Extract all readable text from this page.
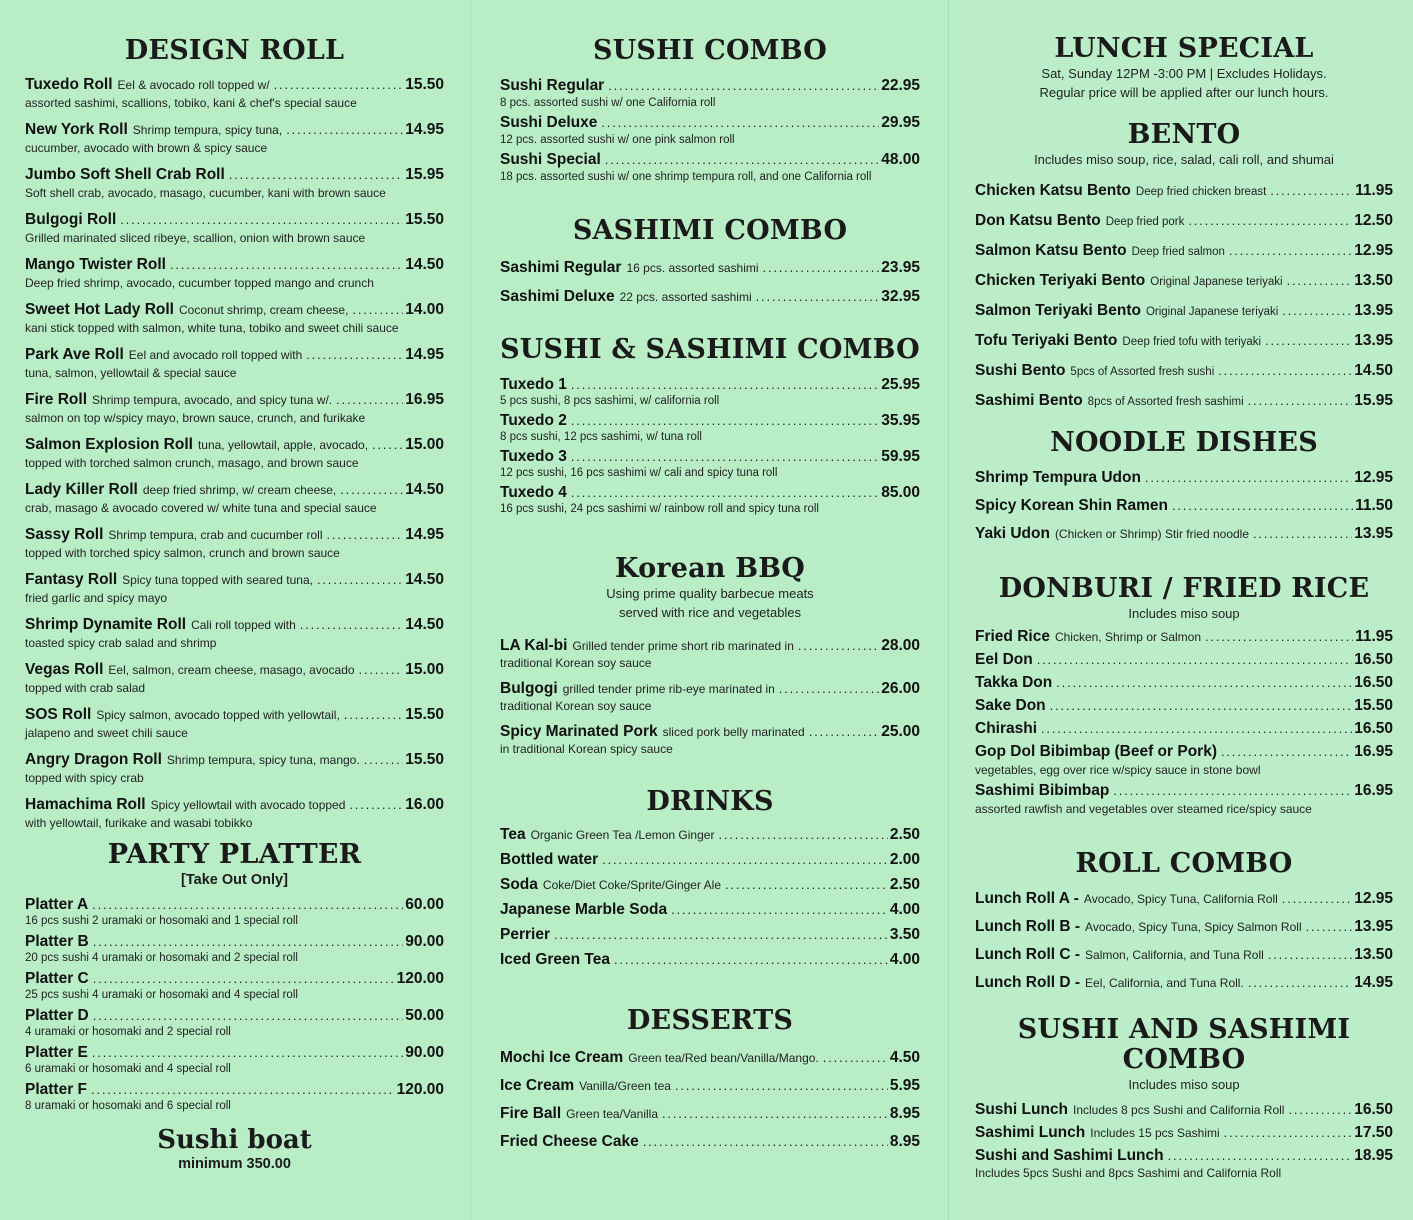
DESIGN ROLL
Tuxedo Roll Eel & avocado roll topped w/ .....	15.50
assorted sashimi, scallions, tobiko, kani & chef's special sauce
New York Roll Shrimp tempura, spicy tuna, .....	14.95
cucumber, avocado with brown & spicy sauce
Jumbo Soft Shell Crab Roll .....	15.95
Soft shell crab, avocado, masago, cucumber, kani with brown sauce
Bulgogi Roll .....	15.50
Grilled marinated sliced ribeye, scallion, onion with brown sauce
Mango Twister Roll .....	14.50
Deep fried shrimp, avocado, cucumber topped mango and crunch
Sweet Hot Lady Roll Coconut shrimp, cream cheese, .....	14.00
kani stick topped with salmon, white tuna, tobiko and sweet chili sauce
Park Ave Roll Eel and avocado roll topped with .....	14.95
tuna, salmon, yellowtail & special sauce
Fire Roll Shrimp tempura, avocado, and spicy tuna w/. .....	16.95
salmon on top w/spicy mayo, brown sauce, crunch, and furikake
Salmon Explosion Roll tuna, yellowtail, apple, avocado, ..... 15.00
topped with torched salmon crunch, masago, and brown sauce
Lady Killer Roll deep fried shrimp, w/ cream cheese, .....	14.50
crab, masago & avocado covered w/ white tuna and special sauce
Sassy Roll Shrimp tempura, crab and cucumber roll .....	14.95
topped with torched spicy salmon, crunch and brown sauce
Fantasy Roll Spicy tuna topped with seared tuna, .....	14.50
fried garlic and spicy mayo
Shrimp Dynamite Roll Cali roll topped with .....	14.50
toasted spicy crab salad and shrimp
Vegas Roll Eel, salmon, cream cheese, masago, avocado .....	15.00
topped with crab salad
SOS Roll Spicy salmon, avocado topped with yellowtail, .....	15.50
jalapeno and sweet chili sauce
Angry Dragon Roll Shrimp tempura, spicy tuna, mango. .....	15.50
topped with spicy crab
Hamachima Roll Spicy yellowtail with avocado topped .....	16.00
with yellowtail, furikake and wasabi tobikko
PARTY PLATTER
[Take Out Only]
Platter A .....	60.00
16 pcs sushi 2 uramaki or hosomaki and 1 special roll
Platter B .....	90.00
20 pcs sushi 4 uramaki or hosomaki and 2 special roll
Platter C .....	120.00
25 pcs sushi 4 uramaki or hosomaki and 4 special roll
Platter D .....	50.00
4 uramaki or hosomaki and 2 special roll
Platter E .....	90.00
6 uramaki or hosomaki and 4 special roll
Platter F .....	120.00
8 uramaki or hosomaki and 6 special roll
Sushi boat
minimum 350.00
SUSHI COMBO
Sushi Regular .....	22.95
8 pcs. assorted sushi w/ one California roll
Sushi Deluxe .....	29.95
12 pcs. assorted sushi w/ one pink salmon roll
Sushi Special .....	48.00
18 pcs. assorted sushi w/ one shrimp tempura roll, and one California roll
SASHIMI COMBO
Sashimi Regular 16 pcs. assorted sashimi .....	23.95
Sashimi Deluxe 22 pcs. assorted sashimi .....	32.95
SUSHI & SASHIMI COMBO
Tuxedo 1 .....	25.95
5 pcs sushi, 8 pcs sashimi, w/ california roll
Tuxedo 2 .....	35.95
8 pcs sushi, 12 pcs sashimi, w/ tuna roll
Tuxedo 3 .....	59.95
12 pcs sushi, 16 pcs sashimi w/ cali and spicy tuna roll
Tuxedo 4 .....	85.00
16 pcs sushi, 24 pcs sashimi w/ rainbow roll and spicy tuna roll
Korean BBQ
Using prime quality barbecue meats
served with rice and vegetables
LA Kal-bi Grilled tender prime short rib marinated in .....	28.00
traditional Korean soy sauce
Bulgogi grilled tender prime rib-eye marinated in .....	26.00
traditional Korean soy sauce
Spicy Marinated Pork sliced pork belly marinated .....	25.00
in traditional Korean spicy sauce
DRINKS
Tea Organic Green Tea /Lemon Ginger .....	2.50
Bottled water .....	2.00
Soda Coke/Diet Coke/Sprite/Ginger Ale .....	2.50
Japanese Marble Soda .....	4.00
Perrier .....	3.50
Iced Green Tea .....	4.00
DESSERTS
Mochi Ice Cream Green tea/Red bean/Vanilla/Mango. .....	4.50
Ice Cream Vanilla/Green tea .....	5.95
Fire Ball Green tea/Vanilla .....	8.95
Fried Cheese Cake .....	8.95
LUNCH SPECIAL
Sat, Sunday 12PM -3:00 PM | Excludes Holidays.
Regular price will be applied after our lunch hours.
BENTO
Includes miso soup, rice, salad, cali roll, and shumai
Chicken Katsu Bento Deep fried chicken breast .....	11.95
Don Katsu Bento Deep fried pork .....	12.50
Salmon Katsu Bento Deep fried salmon .....	12.95
Chicken Teriyaki Bento Original Japanese teriyaki .....	13.50
Salmon Teriyaki Bento Original Japanese teriyaki .....	13.95
Tofu Teriyaki Bento Deep fried tofu with teriyaki .....	13.95
Sushi Bento 5pcs of Assorted fresh sushi .....	14.50
Sashimi Bento 8pcs of Assorted fresh sashimi .....	15.95
NOODLE DISHES
Shrimp Tempura Udon .....	12.95
Spicy Korean Shin Ramen .....	11.50
Yaki Udon (Chicken or Shrimp) Stir fried noodle .....	13.95
DONBURI / FRIED RICE
Includes miso soup
Fried Rice Chicken, Shrimp or Salmon .....	11.95
Eel Don .....	16.50
Takka Don .....	16.50
Sake Don .....	15.50
Chirashi .....	16.50
Gop Dol Bibimbap (Beef or Pork) .....	16.95
vegetables, egg over rice w/spicy sauce in stone bowl
Sashimi Bibimbap .....	16.95
assorted rawfish and vegetables over steamed rice/spicy sauce
ROLL COMBO
Lunch Roll A - Avocado, Spicy Tuna, California Roll .....	12.95
Lunch Roll B - Avocado, Spicy Tuna, Spicy Salmon Roll .....	13.95
Lunch Roll C - Salmon, California, and Tuna Roll .....	13.50
Lunch Roll D - Eel, California, and Tuna Roll. .....	14.95
SUSHI AND SASHIMI COMBO
Includes miso soup
Sushi Lunch Includes 8 pcs Sushi and California Roll .....	16.50
Sashimi Lunch Includes 15 pcs Sashimi .....	17.50
Sushi and Sashimi Lunch .....	18.95
Includes 5pcs Sushi and 8pcs Sashimi and California Roll
